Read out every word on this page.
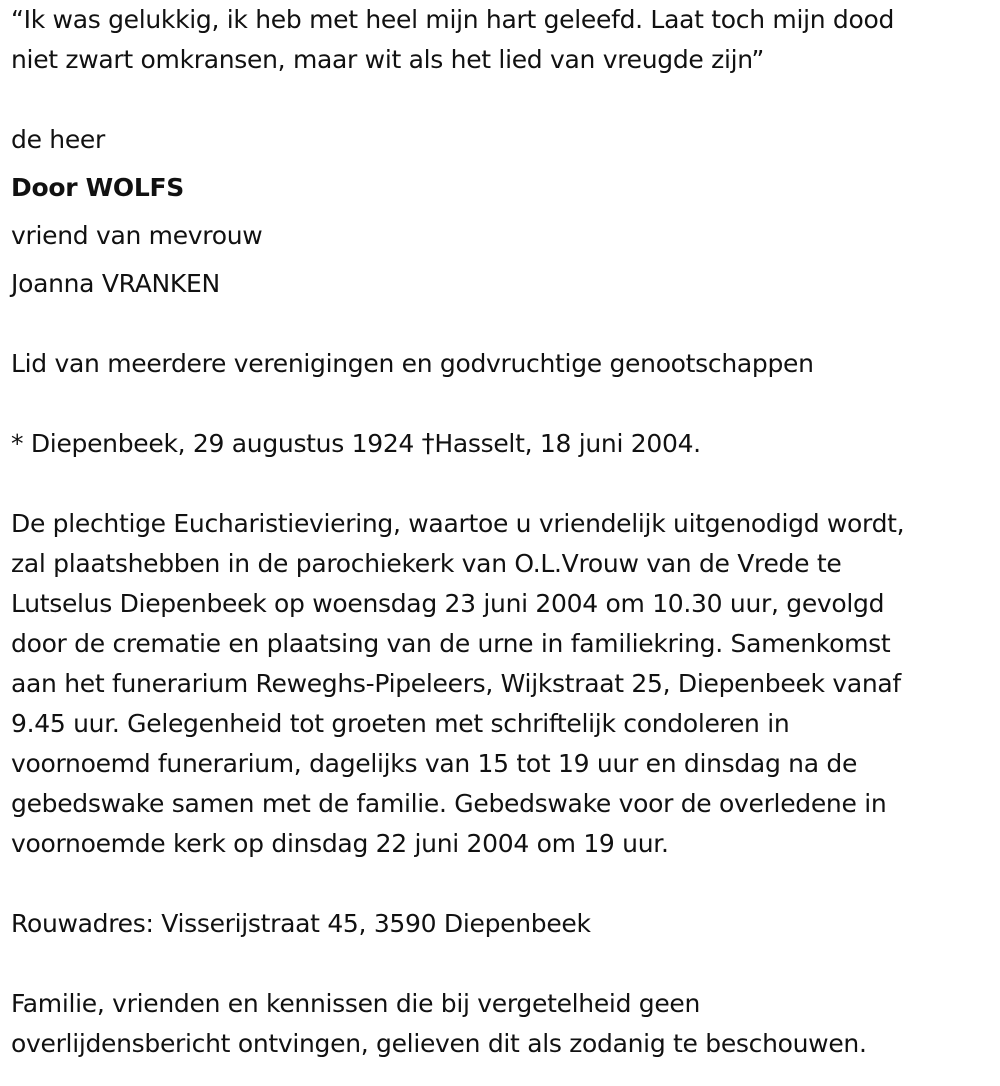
“Ik was gelukkig, ik heb met heel mijn hart geleefd. Laat toch mijn dood
niet zwart omkransen, maar wit als het lied van vreugde zijn”

de heer
Door WOLFS
vriend van mevrouw
Joanna VRANKEN

Lid van meerdere verenigingen en godvruchtige genootschappen

* Diepenbeek, 29 augustus 1924 †Hasselt, 18 juni 2004.

De plechtige Eucharistieviering, waartoe u vriendelijk uitgenodigd wordt,
zal plaatshebben in de parochiekerk van O.L.Vrouw van de Vrede te
Lutselus Diepenbeek op woensdag 23 juni 2004 om 10.30 uur, gevolgd
door de crematie en plaatsing van de urne in familiekring. Samenkomst
aan het funerarium Reweghs-Pipeleers, Wijkstraat 25, Diepenbeek vanaf
9.45 uur. Gelegenheid tot groeten met schriftelijk condoleren in
voornoemd funerarium, dagelijks van 15 tot 19 uur en dinsdag na de
gebedswake samen met de familie. Gebedswake voor de overledene in
voornoemde kerk op dinsdag 22 juni 2004 om 19 uur.

Rouwadres: Visserijstraat 45, 3590 Diepenbeek

Familie, vrienden en kennissen die bij vergetelheid geen
overlijdensbericht ontvingen, gelieven dit als zodanig te beschouwen.
